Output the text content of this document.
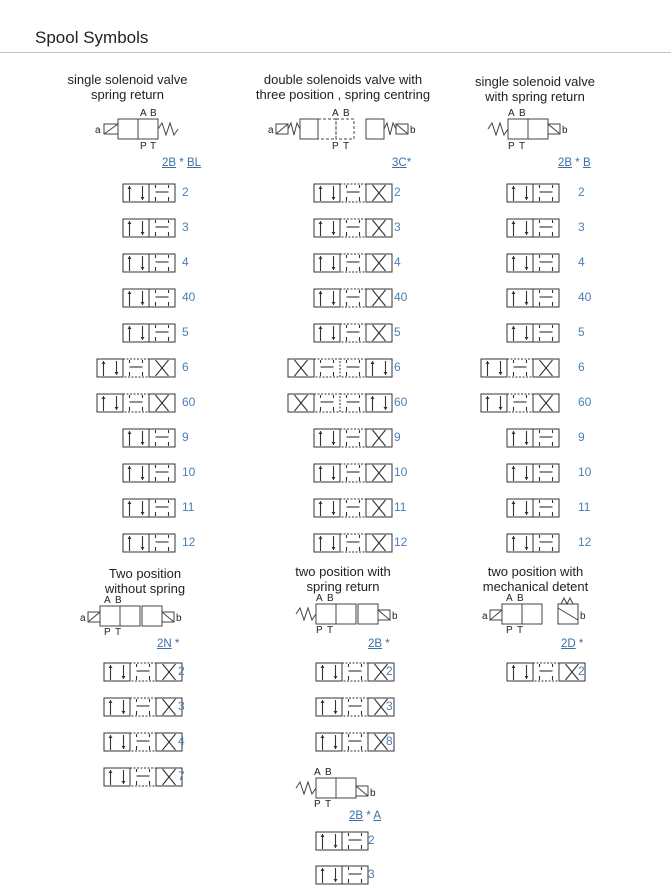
Spool Symbols
single solenoid valve
spring return
a
A B
P T
2B * BL
double solenoids valve with
three position , spring centring
a	b
A B
P T
3C*
single solenoid valve
with spring return
b
A B
P T
2B * B
Two position
without spring
a	b
A B
P T
2N *
two position with
spring return
b
A B
P T
2B *
two position with
mechanical detent
a	b
A B
P T
2D *
b
A B
P T
2B * A
2
3
4
40
5
6
60
9
10
11
12
2
3
4
40
5
6
60
9
10
11
12
2
3
4
40
5
6
60
9
10
11
12
2
3
4
7
2
3
8
2
2
3
